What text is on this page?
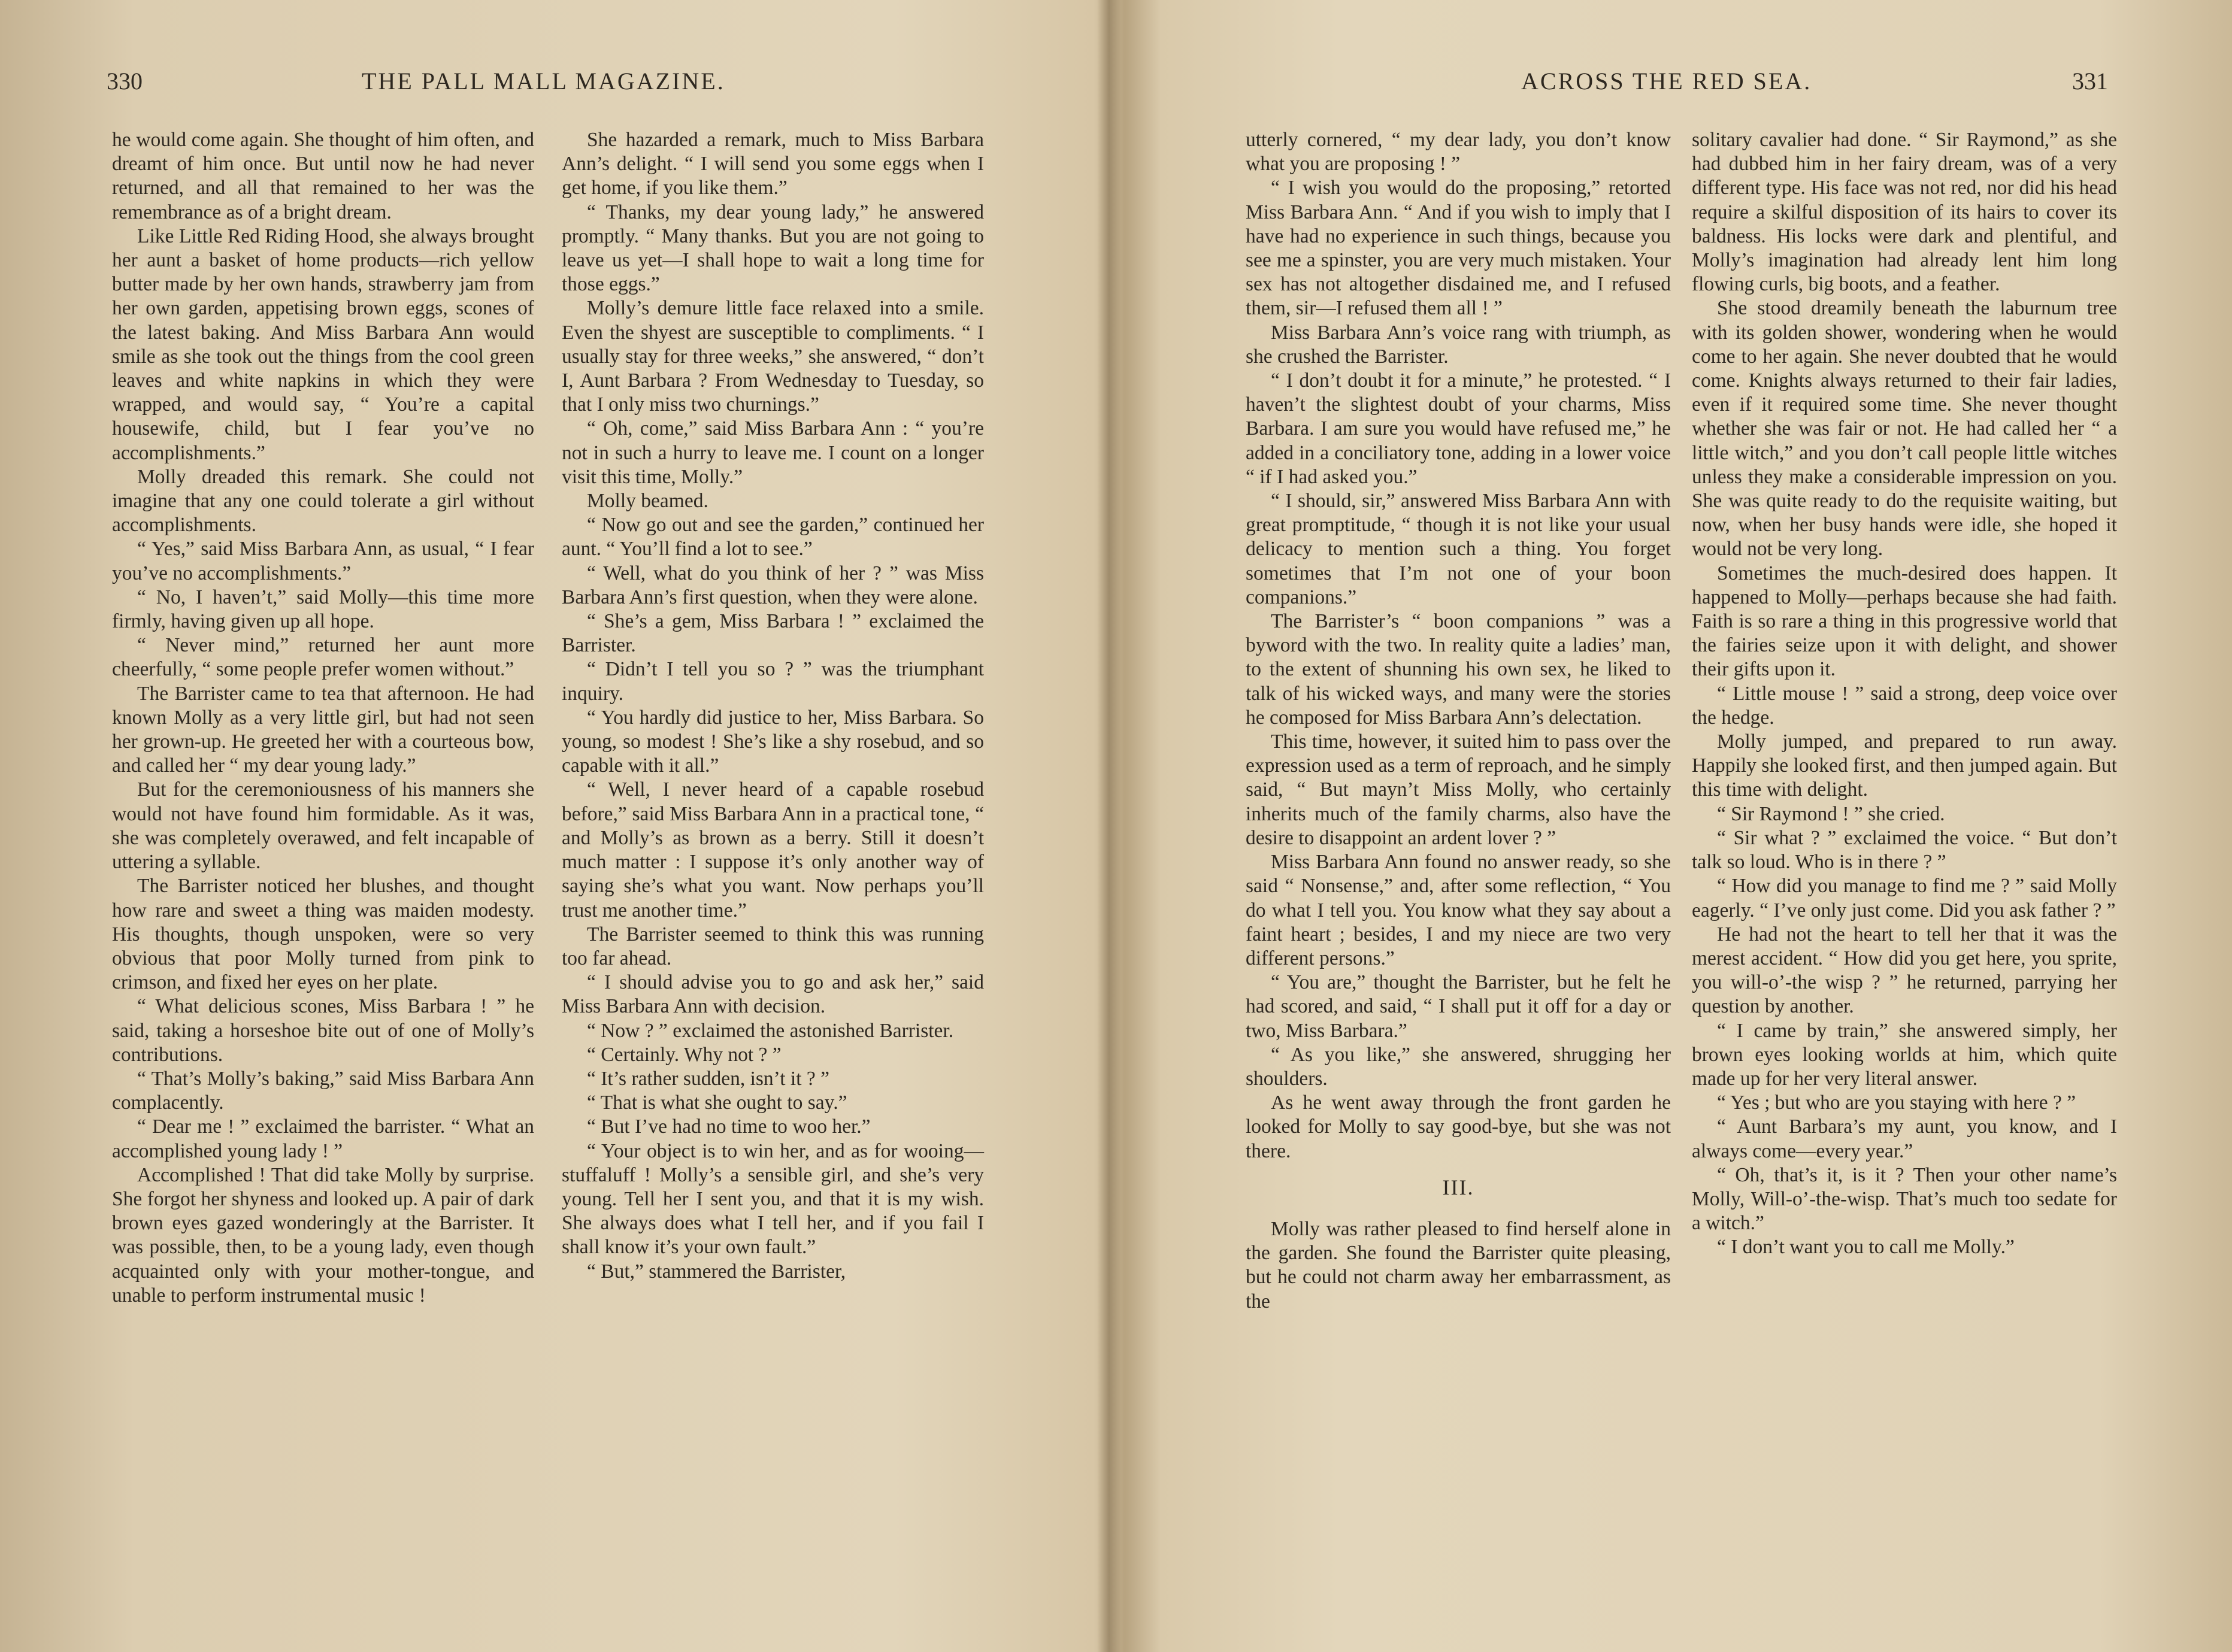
330	THE PALL MALL MAGAZINE.

he would come again. She thought of him often, and dreamt of him once. But until now he had never returned, and all that remained to her was the remembrance as of a bright dream.

Like Little Red Riding Hood, she always brought her aunt a basket of home products—rich yellow butter made by her own hands, strawberry jam from her own garden, appetising brown eggs, scones of the latest baking. And Miss Barbara Ann would smile as she took out the things from the cool green leaves and white napkins in which they were wrapped, and would say, “ You’re a capital housewife, child, but I fear you’ve no accomplishments.”

Molly dreaded this remark. She could not imagine that any one could tolerate a girl without accomplishments.

“ Yes,” said Miss Barbara Ann, as usual, “ I fear you’ve no accomplishments.”

“ No, I haven’t,” said Molly—this time more firmly, having given up all hope.

“ Never mind,” returned her aunt more cheerfully, “ some people prefer women without.”

The Barrister came to tea that afternoon. He had known Molly as a very little girl, but had not seen her grown-up. He greeted her with a courteous bow, and called her “ my dear young lady.”

But for the ceremoniousness of his manners she would not have found him formidable. As it was, she was completely overawed, and felt incapable of uttering a syllable.

The Barrister noticed her blushes, and thought how rare and sweet a thing was maiden modesty. His thoughts, though unspoken, were so very obvious that poor Molly turned from pink to crimson, and fixed her eyes on her plate.

“ What delicious scones, Miss Barbara ! ” he said, taking a horseshoe bite out of one of Molly’s contributions.

“ That’s Molly’s baking,” said Miss Barbara Ann complacently.

“ Dear me ! ” exclaimed the barrister. “ What an accomplished young lady ! ”

Accomplished ! That did take Molly by surprise. She forgot her shyness and looked up. A pair of dark brown eyes gazed wonderingly at the Barrister. It was possible, then, to be a young lady, even though acquainted only with your mother-tongue, and unable to perform instrumental music !

She hazarded a remark, much to Miss Barbara Ann’s delight. “ I will send you some eggs when I get home, if you like them.”

“ Thanks, my dear young lady,” he answered promptly. “ Many thanks. But you are not going to leave us yet—I shall hope to wait a long time for those eggs.”

Molly’s demure little face relaxed into a smile. Even the shyest are susceptible to compliments. “ I usually stay for three weeks,” she answered, “ don’t I, Aunt Barbara ? From Wednesday to Tuesday, so that I only miss two churnings.”

“ Oh, come,” said Miss Barbara Ann : “ you’re not in such a hurry to leave me. I count on a longer visit this time, Molly.”

Molly beamed.

“ Now go out and see the garden,” continued her aunt. “ You’ll find a lot to see.”

“ Well, what do you think of her ? ” was Miss Barbara Ann’s first question, when they were alone.

“ She’s a gem, Miss Barbara ! ” exclaimed the Barrister.

“ Didn’t I tell you so ? ” was the triumphant inquiry.

“ You hardly did justice to her, Miss Barbara. So young, so modest ! She’s like a shy rosebud, and so capable with it all.”

“ Well, I never heard of a capable rosebud before,” said Miss Barbara Ann in a practical tone, “ and Molly’s as brown as a berry. Still it doesn’t much matter : I suppose it’s only another way of saying she’s what you want. Now perhaps you’ll trust me another time.”

The Barrister seemed to think this was running too far ahead.

“ I should advise you to go and ask her,” said Miss Barbara Ann with decision.

“ Now ? ” exclaimed the astonished Barrister.

“ Certainly. Why not ? ”

“ It’s rather sudden, isn’t it ? ”

“ That is what she ought to say.”

“ But I’ve had no time to woo her.”

“ Your object is to win her, and as for wooing—stuffaluff ! Molly’s a sensible girl, and she’s very young. Tell her I sent you, and that it is my wish. She always does what I tell her, and if you fail I shall know it’s your own fault.”

“ But,” stammered the Barrister,

ACROSS THE RED SEA.	331

utterly cornered, “ my dear lady, you don’t know what you are proposing ! ”

“ I wish you would do the proposing,” retorted Miss Barbara Ann. “ And if you wish to imply that I have had no experience in such things, because you see me a spinster, you are very much mistaken. Your sex has not altogether disdained me, and I refused them, sir—I refused them all ! ”

Miss Barbara Ann’s voice rang with triumph, as she crushed the Barrister.

“ I don’t doubt it for a minute,” he protested. “ I haven’t the slightest doubt of your charms, Miss Barbara. I am sure you would have refused me,” he added in a conciliatory tone, adding in a lower voice “ if I had asked you.”

“ I should, sir,” answered Miss Barbara Ann with great promptitude, “ though it is not like your usual delicacy to mention such a thing. You forget sometimes that I’m not one of your boon companions.”

The Barrister’s “ boon companions ” was a byword with the two. In reality quite a ladies’ man, to the extent of shunning his own sex, he liked to talk of his wicked ways, and many were the stories he composed for Miss Barbara Ann’s delectation.

This time, however, it suited him to pass over the expression used as a term of reproach, and he simply said, “ But mayn’t Miss Molly, who certainly inherits much of the family charms, also have the desire to disappoint an ardent lover ? ”

Miss Barbara Ann found no answer ready, so she said “ Nonsense,” and, after some reflection, “ You do what I tell you. You know what they say about a faint heart ; besides, I and my niece are two very different persons.”

“ You are,” thought the Barrister, but he felt he had scored, and said, “ I shall put it off for a day or two, Miss Barbara.”

“ As you like,” she answered, shrugging her shoulders.

As he went away through the front garden he looked for Molly to say good-bye, but she was not there.

III.

Molly was rather pleased to find herself alone in the garden. She found the Barrister quite pleasing, but he could not charm away her embarrassment, as the

solitary cavalier had done. “ Sir Raymond,” as she had dubbed him in her fairy dream, was of a very different type. His face was not red, nor did his head require a skilful disposition of its hairs to cover its baldness. His locks were dark and plentiful, and Molly’s imagination had already lent him long flowing curls, big boots, and a feather.

She stood dreamily beneath the laburnum tree with its golden shower, wondering when he would come to her again. She never doubted that he would come. Knights always returned to their fair ladies, even if it required some time. She never thought whether she was fair or not. He had called her “ a little witch,” and you don’t call people little witches unless they make a considerable impression on you. She was quite ready to do the requisite waiting, but now, when her busy hands were idle, she hoped it would not be very long.

Sometimes the much-desired does happen. It happened to Molly—perhaps because she had faith. Faith is so rare a thing in this progressive world that the fairies seize upon it with delight, and shower their gifts upon it.

“ Little mouse ! ” said a strong, deep voice over the hedge.

Molly jumped, and prepared to run away. Happily she looked first, and then jumped again. But this time with delight.

“ Sir Raymond ! ” she cried.

“ Sir what ? ” exclaimed the voice. “ But don’t talk so loud. Who is in there ? ”

“ How did you manage to find me ? ” said Molly eagerly. “ I’ve only just come. Did you ask father ? ”

He had not the heart to tell her that it was the merest accident. “ How did you get here, you sprite, you will-o’-the wisp ? ” he returned, parrying her question by another.

“ I came by train,” she answered simply, her brown eyes looking worlds at him, which quite made up for her very literal answer.

“ Yes ; but who are you staying with here ? ”

“ Aunt Barbara’s my aunt, you know, and I always come—every year.”

“ Oh, that’s it, is it ? Then your other name’s Molly, Will-o’-the-wisp. That’s much too sedate for a witch.”

“ I don’t want you to call me Molly.”
